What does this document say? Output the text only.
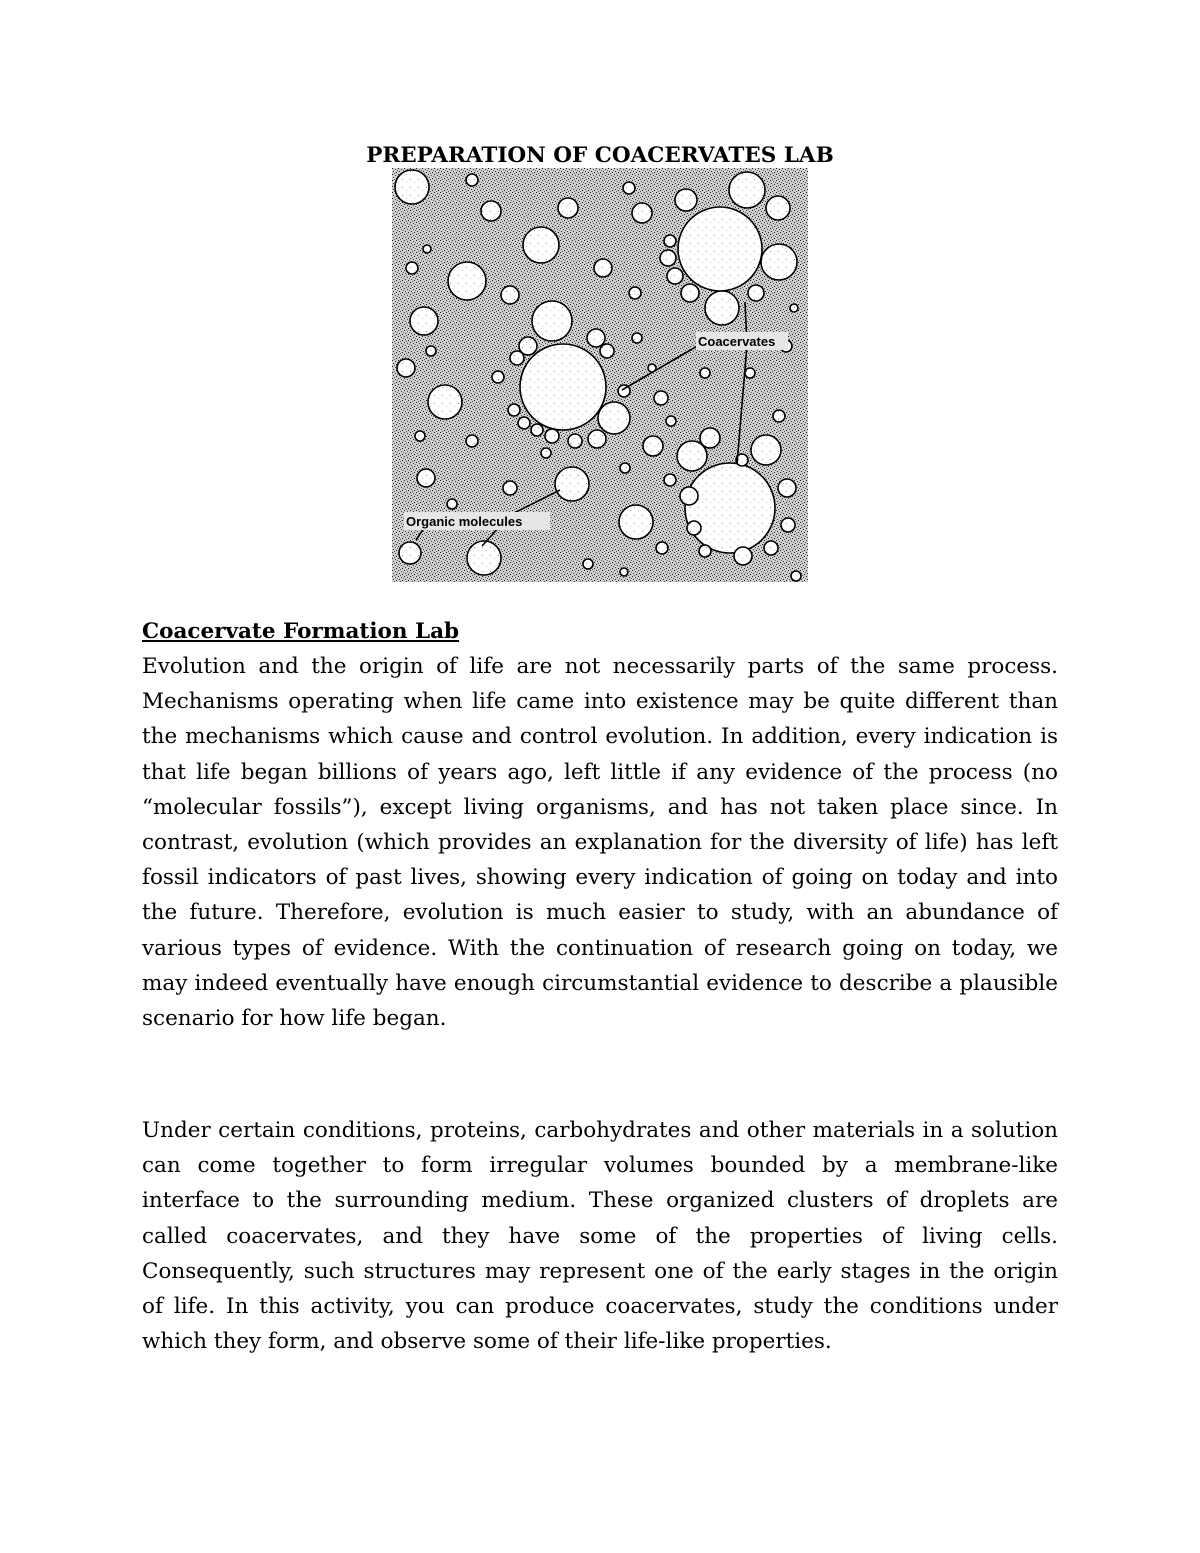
PREPARATION OF COACERVATES LAB
Coacervates
Organic molecules
Coacervate Formation Lab

Evolution and the origin of life are not necessarily parts of the same process. Mechanisms operating when life came into existence may be quite different than the mechanisms which cause and control evolution. In addition, every indication is that life began billions of years ago, left little if any evidence of the process (no “molecular fossils”), except living organisms, and has not taken place since. In contrast, evolution (which provides an explanation for the diversity of life) has left fossil indicators of past lives, showing every indication of going on today and into the future. Therefore, evolution is much easier to study, with an abundance of various types of evidence. With the continuation of research going on today, we may indeed eventually have enough circumstantial evidence to describe a plausible scenario for how life began.

Under certain conditions, proteins, carbohydrates and other materials in a solution can come together to form irregular volumes bounded by a membrane-like interface to the surrounding medium. These organized clusters of droplets are called coacervates, and they have some of the properties of living cells. Consequently, such structures may represent one of the early stages in the origin of life. In this activity, you can produce coacervates, study the conditions under which they form, and observe some of their life-like properties.
